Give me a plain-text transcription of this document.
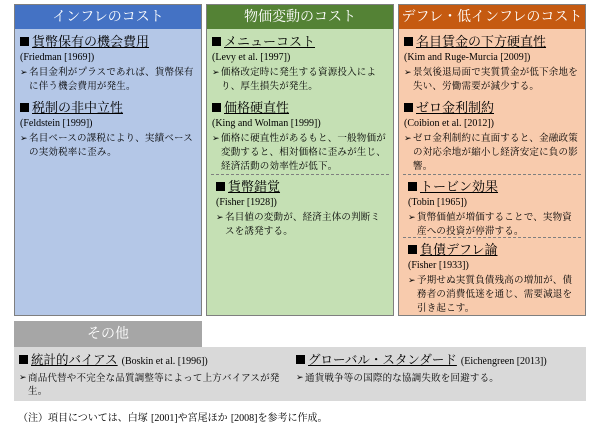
インフレのコスト
貨幣保有の機会費用
(Friedman [1969])
➢ 名目金利がプラスであれば、貨幣保有に伴う機会費用が発生。
税制の非中立性
(Feldstein [1999])
➢ 名目ベースの課税により、実績ベースの実効税率に歪み。
物価変動のコスト
メニューコスト
(Levy et al. [1997])
➢ 価格改定時に発生する資源投入により、厚生損失が発生。
価格硬直性
(King and Wolman [1999])
➢ 価格に硬直性があるもと、一般物価が変動すると、相対価格に歪みが生じ、経済活動の効率性が低下。
貨幣錯覚
(Fisher [1928])
➢ 名目値の変動が、経済主体の判断ミスを誘発する。
デフレ・低インフレのコスト
名目賃金の下方硬直性
(Kim and Ruge-Murcia [2009])
➢ 景気後退局面で実質賃金が低下余地を失い、労働需要が減少する。
ゼロ金利制約
(Coibion et al. [2012])
➢ ゼロ金利制約に直面すると、金融政策の対応余地が縮小し経済安定に負の影響。
トービン効果
(Tobin [1965])
➢ 貨幣価値が増価することで、実物資産への投資が停滞する。
負債デフレ論
(Fisher [1933])
➢ 予期せぬ実質負債残高の増加が、債務者の消費低迷を通じ、需要減退を引き起こす。
その他
統計的バイアス (Boskin et al. [1996])
➢ 商品代替や不完全な品質調整等によって上方バイアスが発生。
グローバル・スタンダード (Eichengreen [2013])
➢ 通貨戦争等の国際的な協調失敗を回避する。
（注）項目については、白塚 [2001]や宮尾ほか [2008]を参考に作成。
